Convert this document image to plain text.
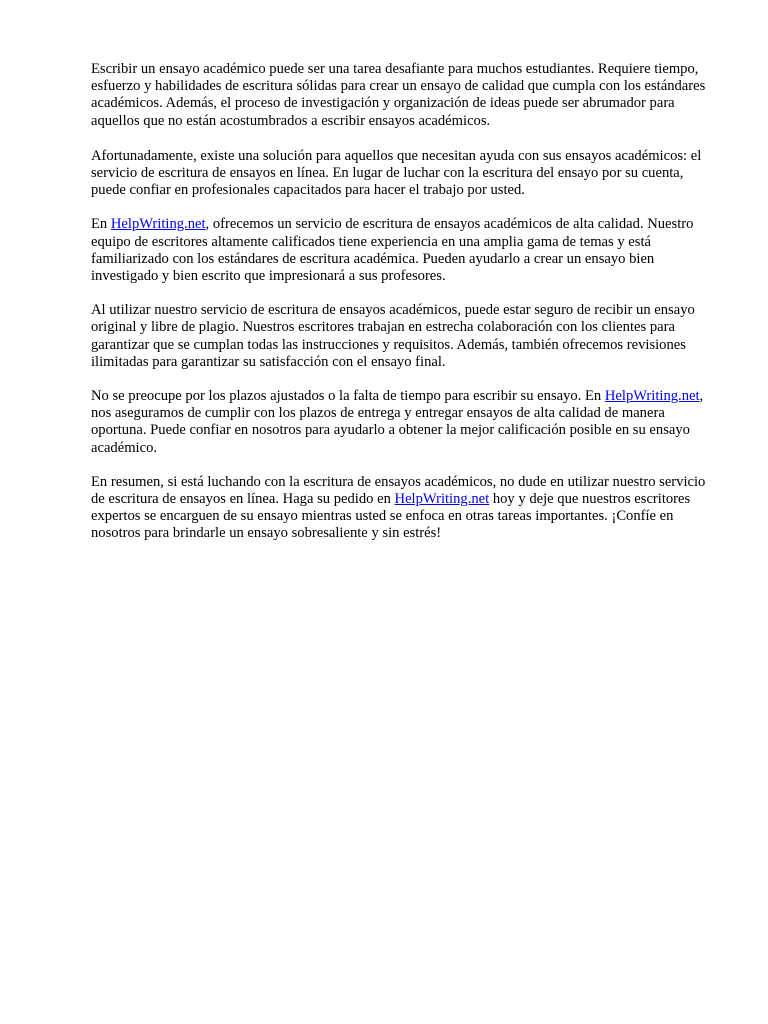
Escribir un ensayo académico puede ser una tarea desafiante para muchos estudiantes. Requiere tiempo, esfuerzo y habilidades de escritura sólidas para crear un ensayo de calidad que cumpla con los estándares académicos. Además, el proceso de investigación y organización de ideas puede ser abrumador para aquellos que no están acostumbrados a escribir ensayos académicos.

Afortunadamente, existe una solución para aquellos que necesitan ayuda con sus ensayos académicos: el servicio de escritura de ensayos en línea. En lugar de luchar con la escritura del ensayo por su cuenta, puede confiar en profesionales capacitados para hacer el trabajo por usted.

En HelpWriting.net, ofrecemos un servicio de escritura de ensayos académicos de alta calidad. Nuestro equipo de escritores altamente calificados tiene experiencia en una amplia gama de temas y está familiarizado con los estándares de escritura académica. Pueden ayudarlo a crear un ensayo bien investigado y bien escrito que impresionará a sus profesores.

Al utilizar nuestro servicio de escritura de ensayos académicos, puede estar seguro de recibir un ensayo original y libre de plagio. Nuestros escritores trabajan en estrecha colaboración con los clientes para garantizar que se cumplan todas las instrucciones y requisitos. Además, también ofrecemos revisiones ilimitadas para garantizar su satisfacción con el ensayo final.

No se preocupe por los plazos ajustados o la falta de tiempo para escribir su ensayo. En HelpWriting.net, nos aseguramos de cumplir con los plazos de entrega y entregar ensayos de alta calidad de manera oportuna. Puede confiar en nosotros para ayudarlo a obtener la mejor calificación posible en su ensayo académico.

En resumen, si está luchando con la escritura de ensayos académicos, no dude en utilizar nuestro servicio de escritura de ensayos en línea. Haga su pedido en HelpWriting.net hoy y deje que nuestros escritores expertos se encarguen de su ensayo mientras usted se enfoca en otras tareas importantes. ¡Confíe en nosotros para brindarle un ensayo sobresaliente y sin estrés!
